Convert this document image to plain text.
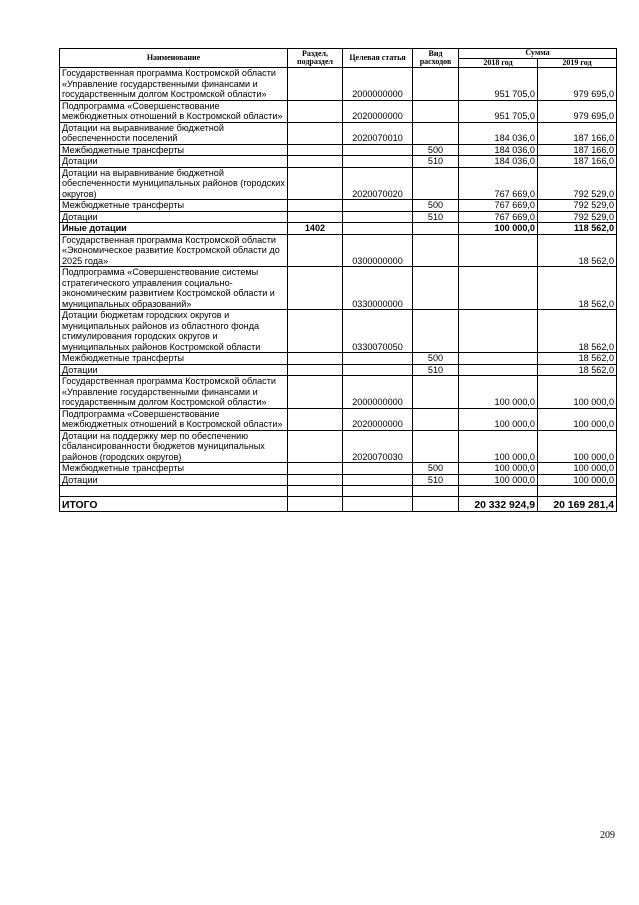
Наименование	Раздел, подраздел	Целевая статья	Вид расходов	Сумма	
				2018 год	2019 год
Государственная программа Костромской области «Управление государственными финансами и государственным долгом Костромской области»		2000000000		951 705,0	979 695,0
Подпрограмма «Совершенствование межбюджетных отношений в Костромской области»		2020000000		951 705,0	979 695,0
Дотации на выравнивание бюджетной обеспеченности поселений		2020070010		184 036,0	187 166,0
Межбюджетные трансферты			500	184 036,0	187 166,0
Дотации			510	184 036,0	187 166,0
Дотации на выравнивание бюджетной обеспеченности муниципальных районов (городских округов)		2020070020		767 669,0	792 529,0
Межбюджетные трансферты			500	767 669,0	792 529,0
Дотации			510	767 669,0	792 529,0
Иные дотации	1402			100 000,0	118 562,0
Государственная программа Костромской области «Экономическое развитие Костромской области до 2025 года»		0300000000			18 562,0
Подпрограмма «Совершенствование системы стратегического управления социально-экономическим развитием Костромской области и муниципальных образований»		0330000000			18 562,0
Дотации бюджетам городских округов и муниципальных районов из областного фонда стимулирования городских округов и муниципальных районов Костромской области		0330070050			18 562,0
Межбюджетные трансферты			500		18 562,0
Дотации			510		18 562,0
Государственная программа Костромской области «Управление государственными финансами и государственным долгом Костромской области»		2000000000		100 000,0	100 000,0
Подпрограмма «Совершенствование межбюджетных отношений в Костромской области»		2020000000		100 000,0	100 000,0
Дотации на поддержку мер по обеспечению сбалансированности бюджетов муниципальных районов (городских округов)		2020070030		100 000,0	100 000,0
Межбюджетные трансферты			500	100 000,0	100 000,0
Дотации			510	100 000,0	100 000,0

ИТОГО				20 332 924,9	20 169 281,4
209
